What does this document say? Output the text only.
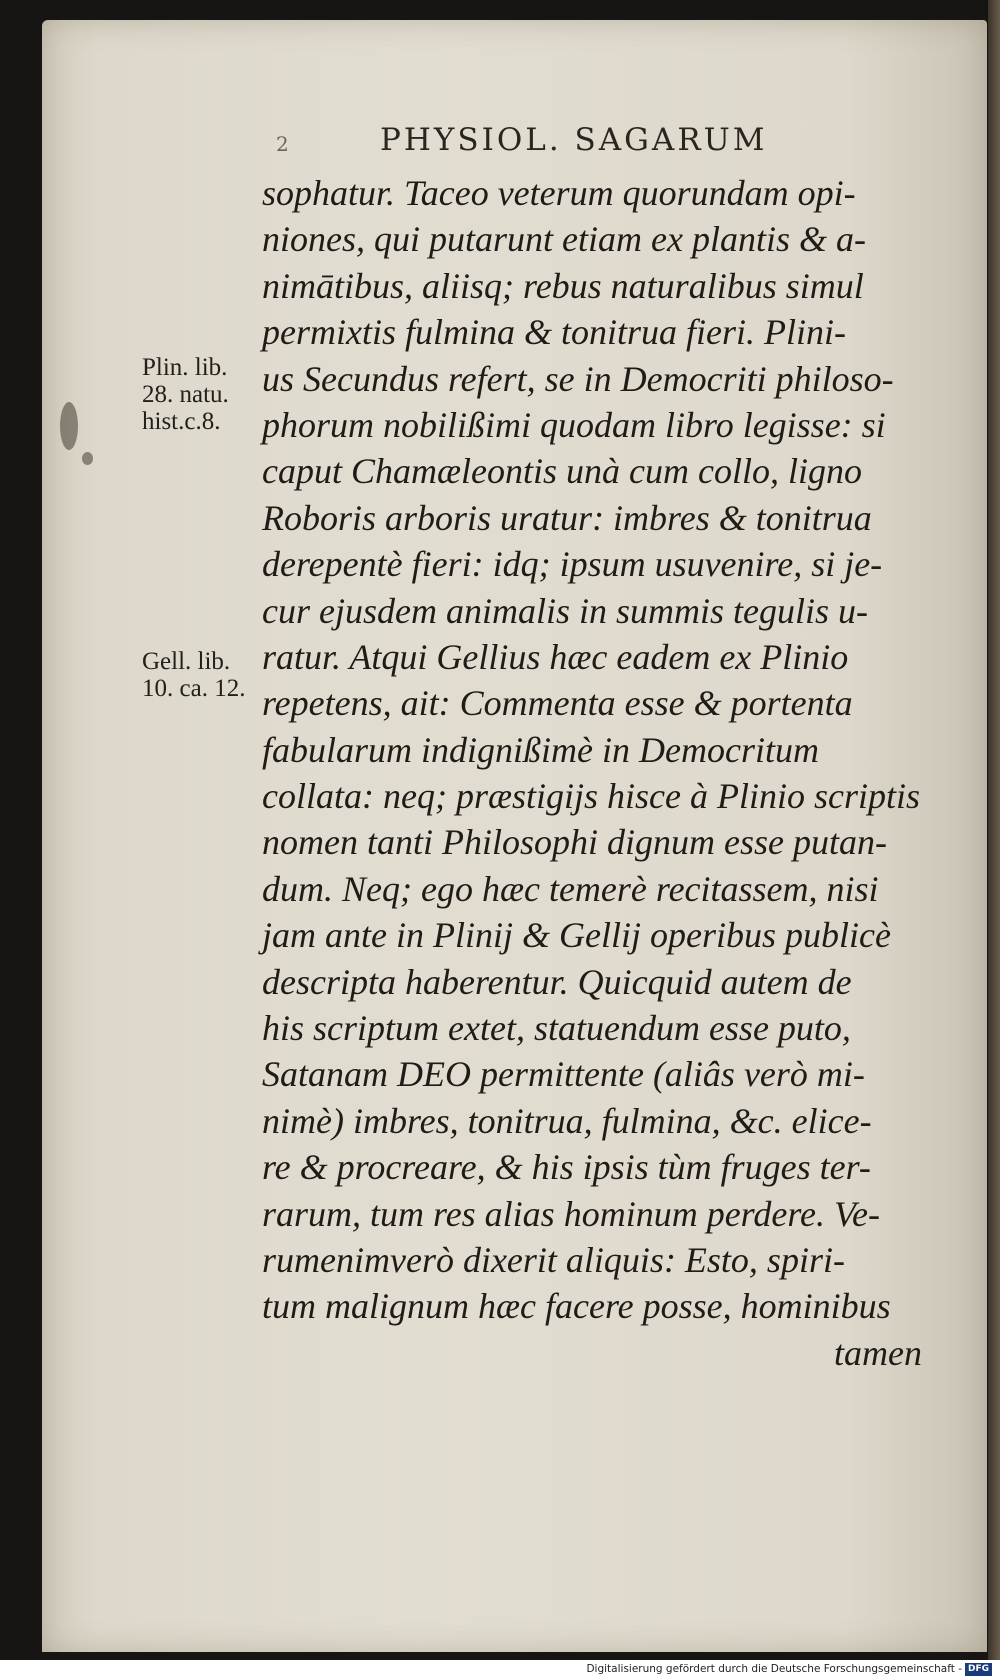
2	PHYSIOL. SAGARUM
Plin. lib.
28. natu.
hist.c.8.
Gell. lib.
10. ca. 12.
sophatur. Taceo veterum quorundam opi-
niones, qui putarunt etiam ex plantis & a-
nimātibus, aliisq; rebus naturalibus simul
permixtis fulmina & tonitrua fieri. Plini-
us Secundus refert, se in Democriti philoso-
phorum nobilißimi quodam libro legisse: si
caput Chamæleontis unà cum collo, ligno
Roboris arboris uratur: imbres & tonitrua
derepentè fieri: idq; ipsum usuvenire, si je-
cur ejusdem animalis in summis tegulis u-
ratur. Atqui Gellius hæc eadem ex Plinio
repetens, ait: Commenta esse & portenta
fabularum indignißimè in Democritum
collata: neq; præstigijs hisce à Plinio scriptis
nomen tanti Philosophi dignum esse putan-
dum. Neq; ego hæc temerè recitassem, nisi
jam ante in Plinij & Gellij operibus publicè
descripta haberentur. Quicquid autem de
his scriptum extet, statuendum esse puto,
Satanam DEO permittente (aliâs verò mi-
nimè) imbres, tonitrua, fulmina, &c. elice-
re & procreare, & his ipsis tùm fruges ter-
rarum, tum res alias hominum perdere. Ve-
rumenimverò dixerit aliquis: Esto, spiri-
tum malignum hæc facere posse, hominibus
tamen
Digitalisierung gefördert durch die Deutsche Forschungsgemeinschaft - DFG
